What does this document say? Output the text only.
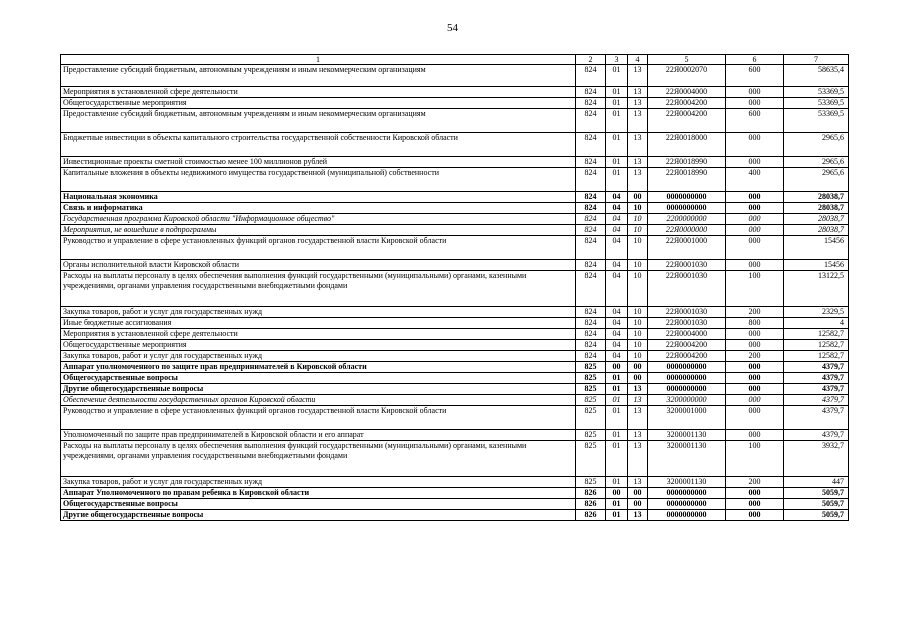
54
1	2	3	4	5	6	7
Предоставление субсидий бюджетным, автономным учреждениям и иным некоммерческим организациям	824	01	13	22Я0002070	600	58635,4
Мероприятия в установленной сфере деятельности	824	01	13	22Я0004000	000	53369,5
Общегосударственные мероприятия	824	01	13	22Я0004200	000	53369,5
Предоставление субсидий бюджетным, автономным учреждениям и иным некоммерческим организациям	824	01	13	22Я0004200	600	53369,5
Бюджетные инвестиции в объекты капитального строительства государственной собственности Кировской области	824	01	13	22Я0018000	000	2965,6
Инвестиционные проекты сметной стоимостью менее 100 миллионов рублей	824	01	13	22Я0018990	000	2965,6
Капитальные вложения в объекты недвижимого имущества государственной (муниципальной) собственности	824	01	13	22Я0018990	400	2965,6
Национальная экономика	824	04	00	0000000000	000	28038,7
Связь и информатика	824	04	10	0000000000	000	28038,7
Государственная программа Кировской области "Информационное общество"	824	04	10	2200000000	000	28038,7
Мероприятия, не вошедшие в подпрограммы	824	04	10	22Я0000000	000	28038,7
Руководство и управление в сфере установленных функций органов государственной власти Кировской области	824	04	10	22Я0001000	000	15456
Органы исполнительной власти Кировской области	824	04	10	22Я0001030	000	15456
Расходы на выплаты персоналу в целях обеспечения выполнения функций государственными (муниципальными) органами, казенными учреждениями, органами управления государственными внебюджетными фондами	824	04	10	22Я0001030	100	13122,5
Закупка товаров, работ и услуг для государственных нужд	824	04	10	22Я0001030	200	2329,5
Иные бюджетные ассигнования	824	04	10	22Я0001030	800	4
Мероприятия в установленной сфере деятельности	824	04	10	22Я0004000	000	12582,7
Общегосударственные мероприятия	824	04	10	22Я0004200	000	12582,7
Закупка товаров, работ и услуг для государственных нужд	824	04	10	22Я0004200	200	12582,7
Аппарат уполномоченного по защите прав предпринимателей в Кировской области	825	00	00	0000000000	000	4379,7
Общегосударственные вопросы	825	01	00	0000000000	000	4379,7
Другие общегосударственные вопросы	825	01	13	0000000000	000	4379,7
Обеспечение деятельности государственных органов Кировской области	825	01	13	3200000000	000	4379,7
Руководство и управление в сфере установленных функций органов государственной власти Кировской области	825	01	13	3200001000	000	4379,7
Уполномоченный по защите прав предпринимателей в Кировской области и его аппарат	825	01	13	3200001130	000	4379,7
Расходы на выплаты персоналу в целях обеспечения выполнения функций государственными (муниципальными) органами, казенными учреждениями, органами управления государственными внебюджетными фондами	825	01	13	3200001130	100	3932,7
Закупка товаров, работ и услуг для государственных нужд	825	01	13	3200001130	200	447
Аппарат Уполномоченного по правам ребенка в Кировской области	826	00	00	0000000000	000	5059,7
Общегосударственные вопросы	826	01	00	0000000000	000	5059,7
Другие общегосударственные вопросы	826	01	13	0000000000	000	5059,7
